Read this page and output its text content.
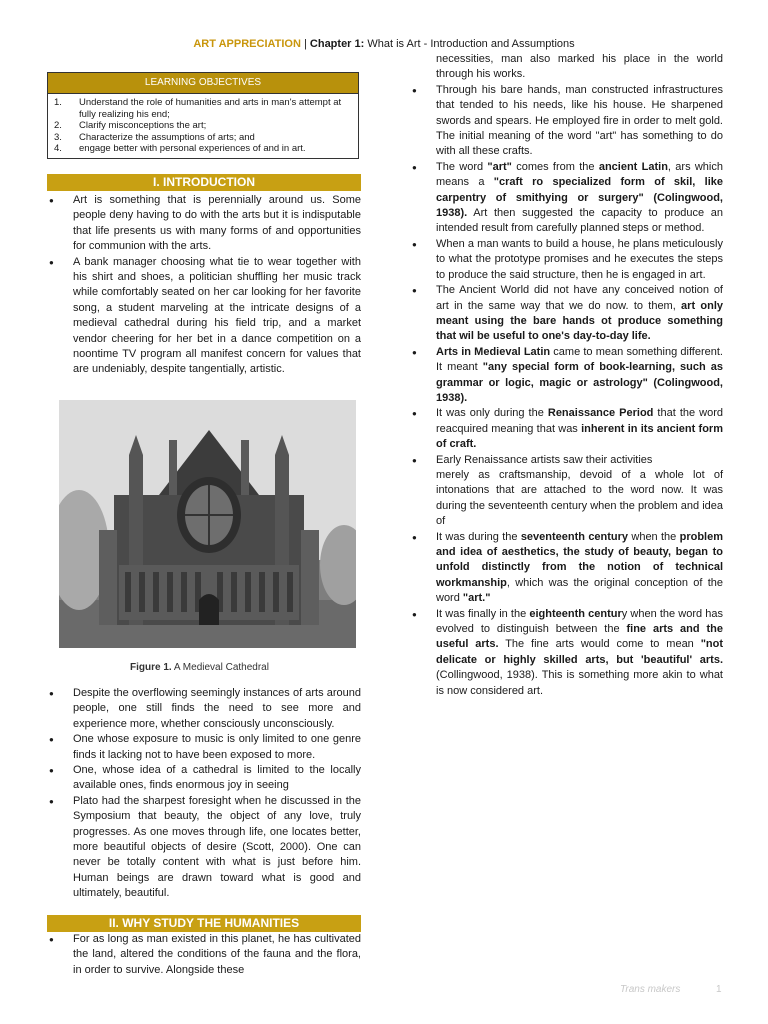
ART APPRECIATION | Chapter 1: What is Art - Introduction and Assumptions
LEARNING OBJECTIVES
1.	Understand the role of humanities and arts in man's attempt at fully realizing his end;
2.	Clarify misconceptions the art;
3.	Characterize the assumptions of arts; and
4.	engage better with personal experiences of and in art.
I. INTRODUCTION
● Art is something that is perennially around us. Some people deny having to do with the arts but it is indisputable that life presents us with many forms of and opportunities for communion with the arts.
● A bank manager choosing what tie to wear together with his shirt and shoes, a politician shuffling her music track while comfortably seated on her car looking for her favorite song, a student marveling at the intricate designs of a medieval cathedral during his field trip, and a market vendor cheering for her bet in a dance competition on a noontime TV program all manifest concern for values that are undeniably, despite tangentially, artistic.
Figure 1. A Medieval Cathedral
● Despite the overflowing seemingly instances of arts around people, one still finds the need to see more and experience more, whether consciously unconsciously.
● One whose exposure to music is only limited to one genre finds it lacking not to have been exposed to more.
● One, whose idea of a cathedral is limited to the locally available ones, finds enormous joy in seeing
● Plato had the sharpest foresight when he discussed in the Symposium that beauty, the object of any love, truly progresses. As one moves through life, one locates better, more beautiful objects of desire (Scott, 2000). One can never be totally content with what is just before him. Human beings are drawn toward what is good and ultimately, beautiful.
II. WHY STUDY THE HUMANITIES
● For as long as man existed in this planet, he has cultivated the land, altered the conditions of the fauna and the flora, in order to survive. Alongside these

necessities, man also marked his place in the world through his works.

● Through his bare hands, man constructed infrastructures that tended to his needs, like his house. He sharpened swords and spears. He employed fire in order to melt gold. The initial meaning of the word "art" has something to do with all these crafts.
● The word "art" comes from the ancient Latin, ars which means a "craft ro specialized form of skil, like carpentry of smithying or surgery" (Colingwood, 1938). Art then suggested the capacity to produce an intended result from carefully planned steps or method.
● When a man wants to build a house, he plans meticulously to what the prototype promises and he executes the steps to produce the said structure, then he is engaged in art.
● The Ancient World did not have any conceived notion of art in the same way that we do now. to them, art only meant using the bare hands ot produce something that wil be useful to one's day-to-day life.
● Arts in Medieval Latin came to mean something different. It meant "any special form of book-learning, such as grammar or logic, magic or astrology" (Colingwood, 1938).
● It was only during the Renaissance Period that the word reacquired meaning that was inherent in its ancient form of craft.
● Early Renaissance artists saw their activities

merely as craftsmanship, devoid of a whole lot of intonations that are attached to the word now. It was during the seventeenth century when the problem and idea of

● It was during the seventeenth century when the problem and idea of aesthetics, the study of beauty, began to unfold distinctly from the notion of technical workmanship, which was the original conception of the word "art."
● It was finally in the eighteenth century when the word has evolved to distinguish between the fine arts and the useful arts. The fine arts would come to mean "not delicate or highly skilled arts, but 'beautiful' arts. (Collingwood, 1938). This is something more akin to what is now considered art.
Trans makers	1
